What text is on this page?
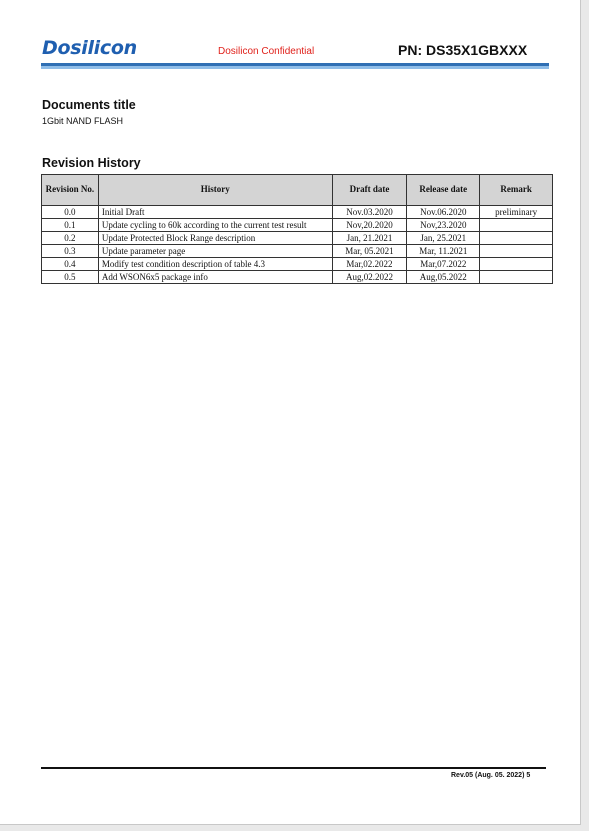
Dosilicon	Dosilicon Confidential	PN: DS35X1GBXXX
Documents title
1Gbit NAND FLASH
Revision History
Revision No.	History	Draft date	Release date	Remark
0.0	Initial Draft	Nov.03.2020	Nov.06.2020	preliminary
0.1	Update cycling to 60k according to the current test result	Nov,20.2020	Nov,23.2020	
0.2	Update Protected Block Range description	Jan, 21.2021	Jan, 25.2021	
0.3	Update parameter page	Mar, 05.2021	Mar, 11.2021	
0.4	Modify test condition description of table 4.3	Mar,02.2022	Mar,07.2022	
0.5	Add WSON6x5 package info	Aug,02.2022	Aug,05.2022	
Rev.05 (Aug. 05. 2022) 5
